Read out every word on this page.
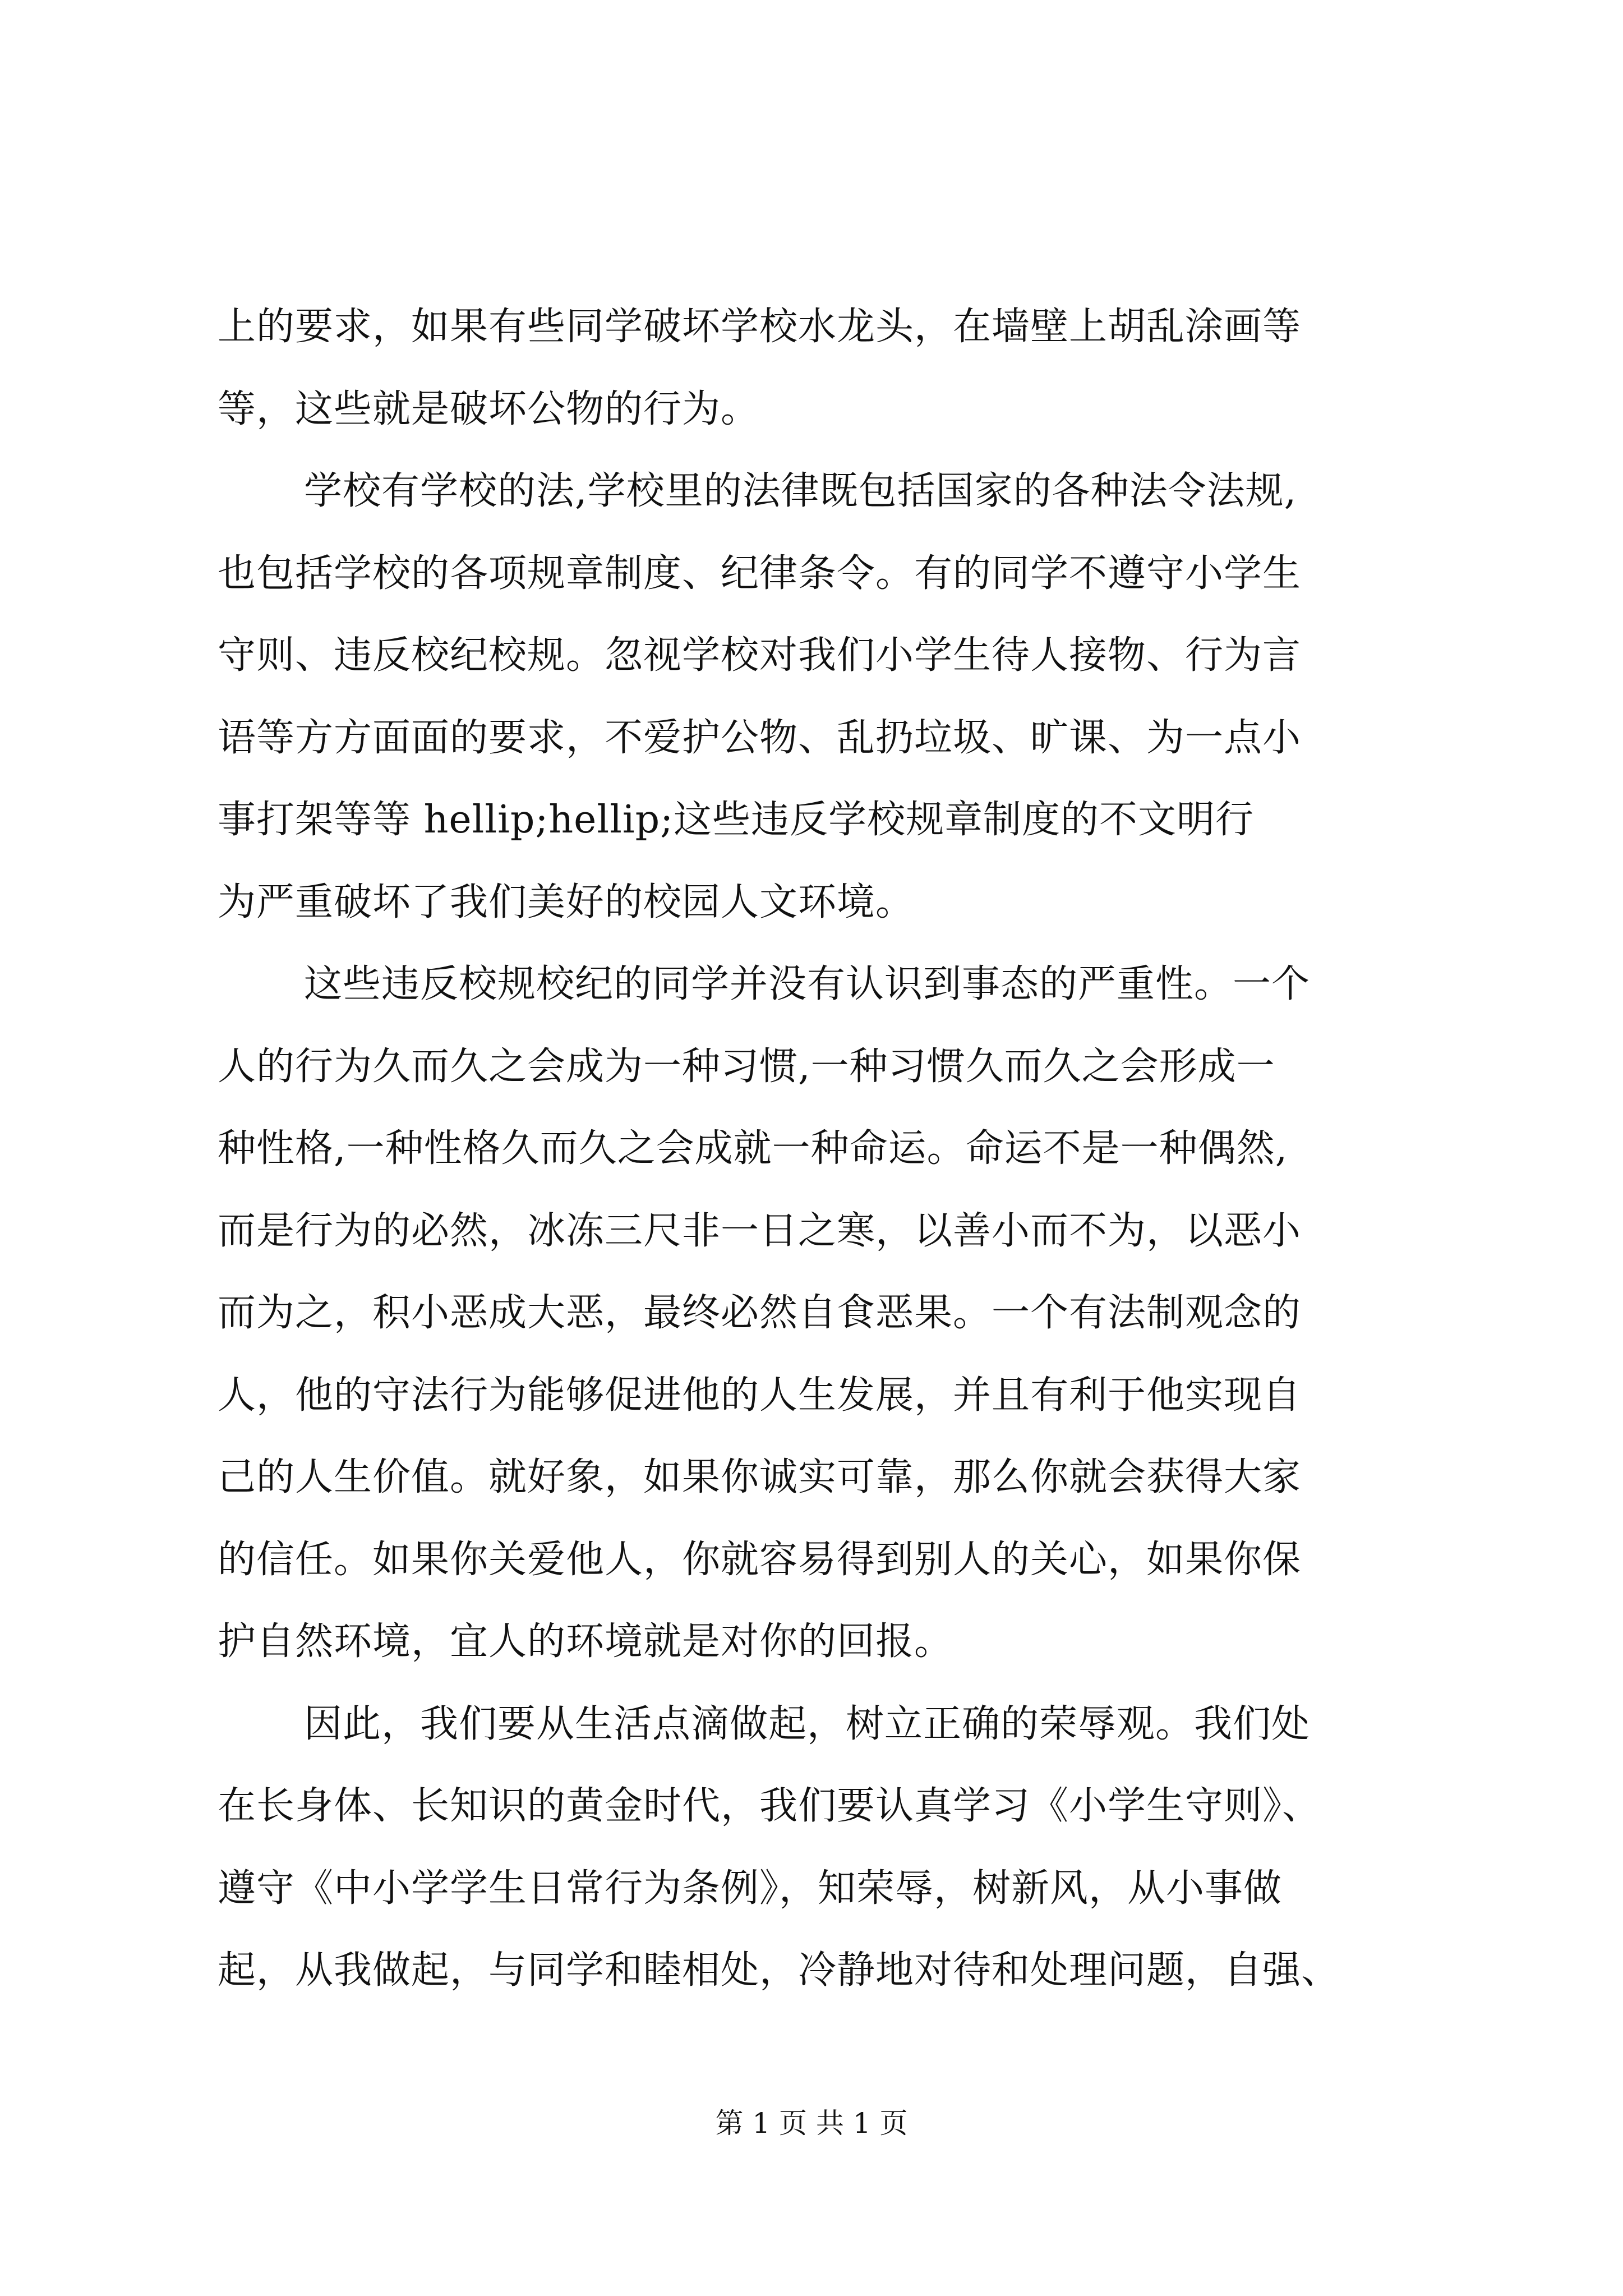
上的要求，如果有些同学破坏学校水龙头，在墙壁上胡乱涂画等
等，这些就是破坏公物的行为。
学校有学校的法,学校里的法律既包括国家的各种法令法规,
也包括学校的各项规章制度、纪律条令。有的同学不遵守小学生
守则、违反校纪校规。忽视学校对我们小学生待人接物、行为言
语等方方面面的要求，不爱护公物、乱扔垃圾、旷课、为一点小
事打架等等 hellip;hellip;这些违反学校规章制度的不文明行
为严重破坏了我们美好的校园人文环境。
这些违反校规校纪的同学并没有认识到事态的严重性。一个
人的行为久而久之会成为一种习惯,一种习惯久而久之会形成一
种性格,一种性格久而久之会成就一种命运。命运不是一种偶然,
而是行为的必然，冰冻三尺非一日之寒，以善小而不为，以恶小
而为之，积小恶成大恶，最终必然自食恶果。一个有法制观念的
人，他的守法行为能够促进他的人生发展，并且有利于他实现自
己的人生价值。就好象，如果你诚实可靠，那么你就会获得大家
的信任。如果你关爱他人，你就容易得到别人的关心，如果你保
护自然环境，宜人的环境就是对你的回报。
因此，我们要从生活点滴做起，树立正确的荣辱观。我们处
在长身体、长知识的黄金时代，我们要认真学习《小学生守则》、
遵守《中小学学生日常行为条例》，知荣辱，树新风，从小事做
起，从我做起，与同学和睦相处，冷静地对待和处理问题，自强、
第 1 页 共 1 页
